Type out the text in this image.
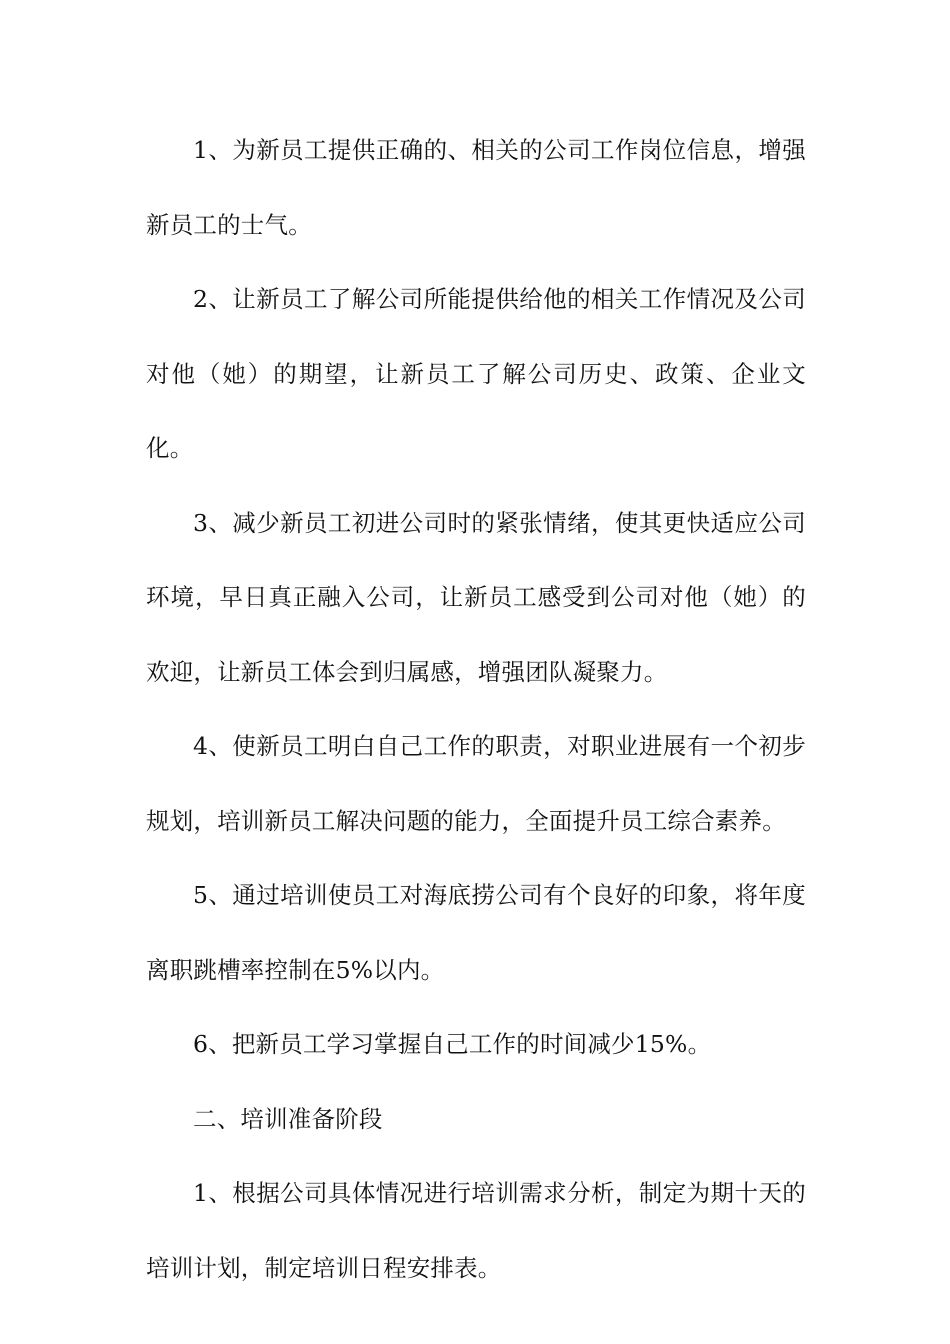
1、为新员工提供正确的、相关的公司工作岗位信息，增强新员工的士气。

2、让新员工了解公司所能提供给他的相关工作情况及公司对他（她）的期望，让新员工了解公司历史、政策、企业文化。

3、减少新员工初进公司时的紧张情绪，使其更快适应公司环境，早日真正融入公司，让新员工感受到公司对他（她）的欢迎，让新员工体会到归属感，增强团队凝聚力。

4、使新员工明白自己工作的职责，对职业进展有一个初步规划，培训新员工解决问题的能力，全面提升员工综合素养。

5、通过培训使员工对海底捞公司有个良好的印象，将年度离职跳槽率控制在5%以内。

6、把新员工学习掌握自己工作的时间减少15%。

二、培训准备阶段

1、根据公司具体情况进行培训需求分析，制定为期十天的培训计划，制定培训日程安排表。
